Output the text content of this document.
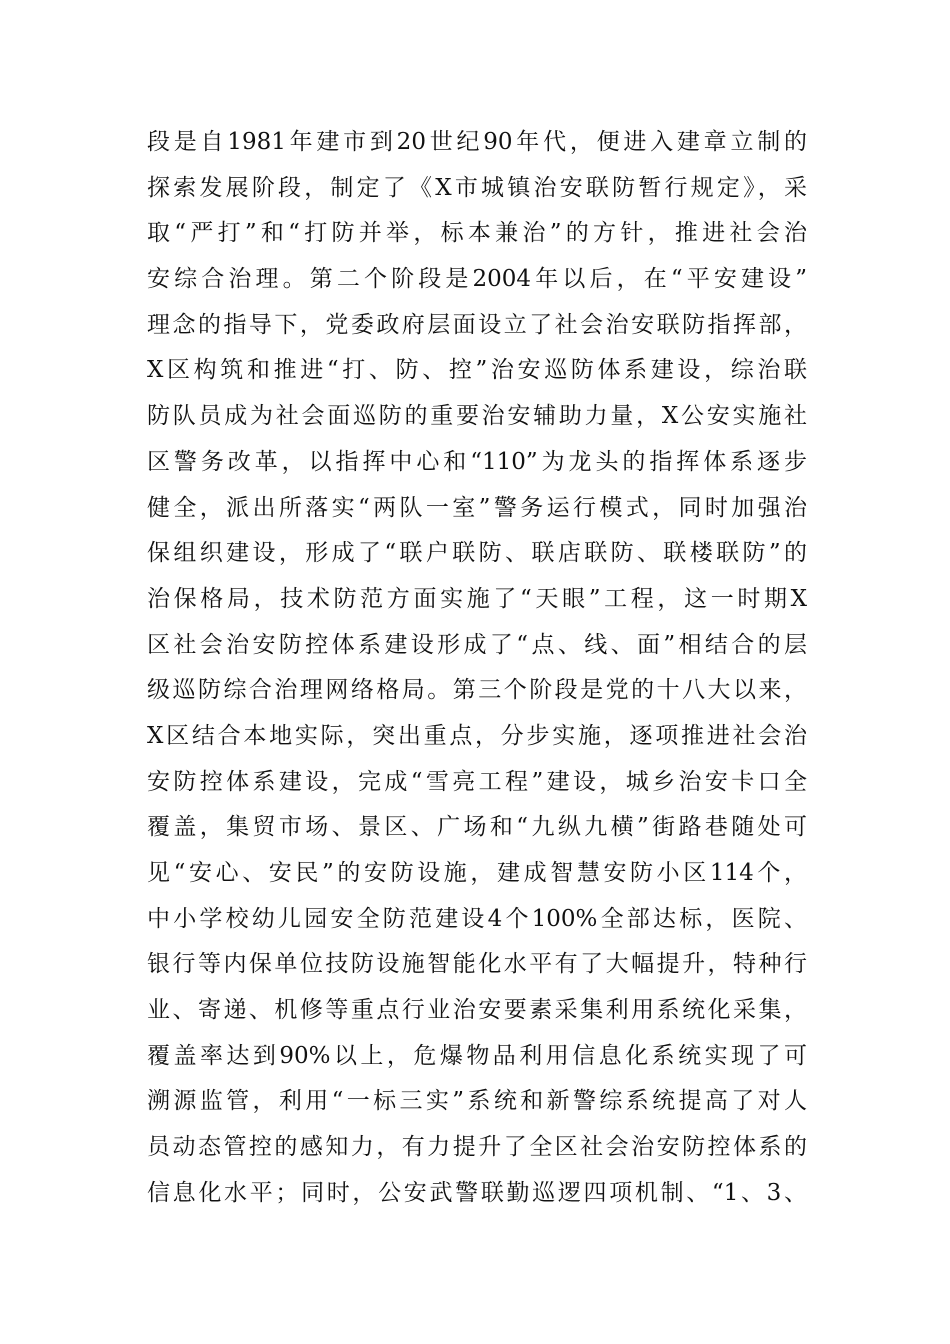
段是自1981年建市到20世纪90年代，便进入建章立制的
探索发展阶段，制定了《X市城镇治安联防暂行规定》，采
取“严打”和“打防并举，标本兼治”的方针，推进社会治
安综合治理。第二个阶段是2004年以后，在“平安建设”
理念的指导下，党委政府层面设立了社会治安联防指挥部，
X区构筑和推进“打、防、控”治安巡防体系建设，综治联
防队员成为社会面巡防的重要治安辅助力量，X公安实施社
区警务改革，以指挥中心和“110”为龙头的指挥体系逐步
健全，派出所落实“两队一室”警务运行模式，同时加强治
保组织建设，形成了“联户联防、联店联防、联楼联防”的
治保格局，技术防范方面实施了“天眼”工程，这一时期X
区社会治安防控体系建设形成了“点、线、面”相结合的层
级巡防综合治理网络格局。第三个阶段是党的十八大以来，
X区结合本地实际，突出重点，分步实施，逐项推进社会治
安防控体系建设，完成“雪亮工程”建设，城乡治安卡口全
覆盖，集贸市场、景区、广场和“九纵九横”街路巷随处可
见“安心、安民”的安防设施，建成智慧安防小区114个，
中小学校幼儿园安全防范建设4个100%全部达标，医院、
银行等内保单位技防设施智能化水平有了大幅提升，特种行
业、寄递、机修等重点行业治安要素采集利用系统化采集，
覆盖率达到90%以上，危爆物品利用信息化系统实现了可
溯源监管，利用“一标三实”系统和新警综系统提高了对人
员动态管控的感知力，有力提升了全区社会治安防控体系的
信息化水平；同时，公安武警联勤巡逻四项机制、“1、3、
